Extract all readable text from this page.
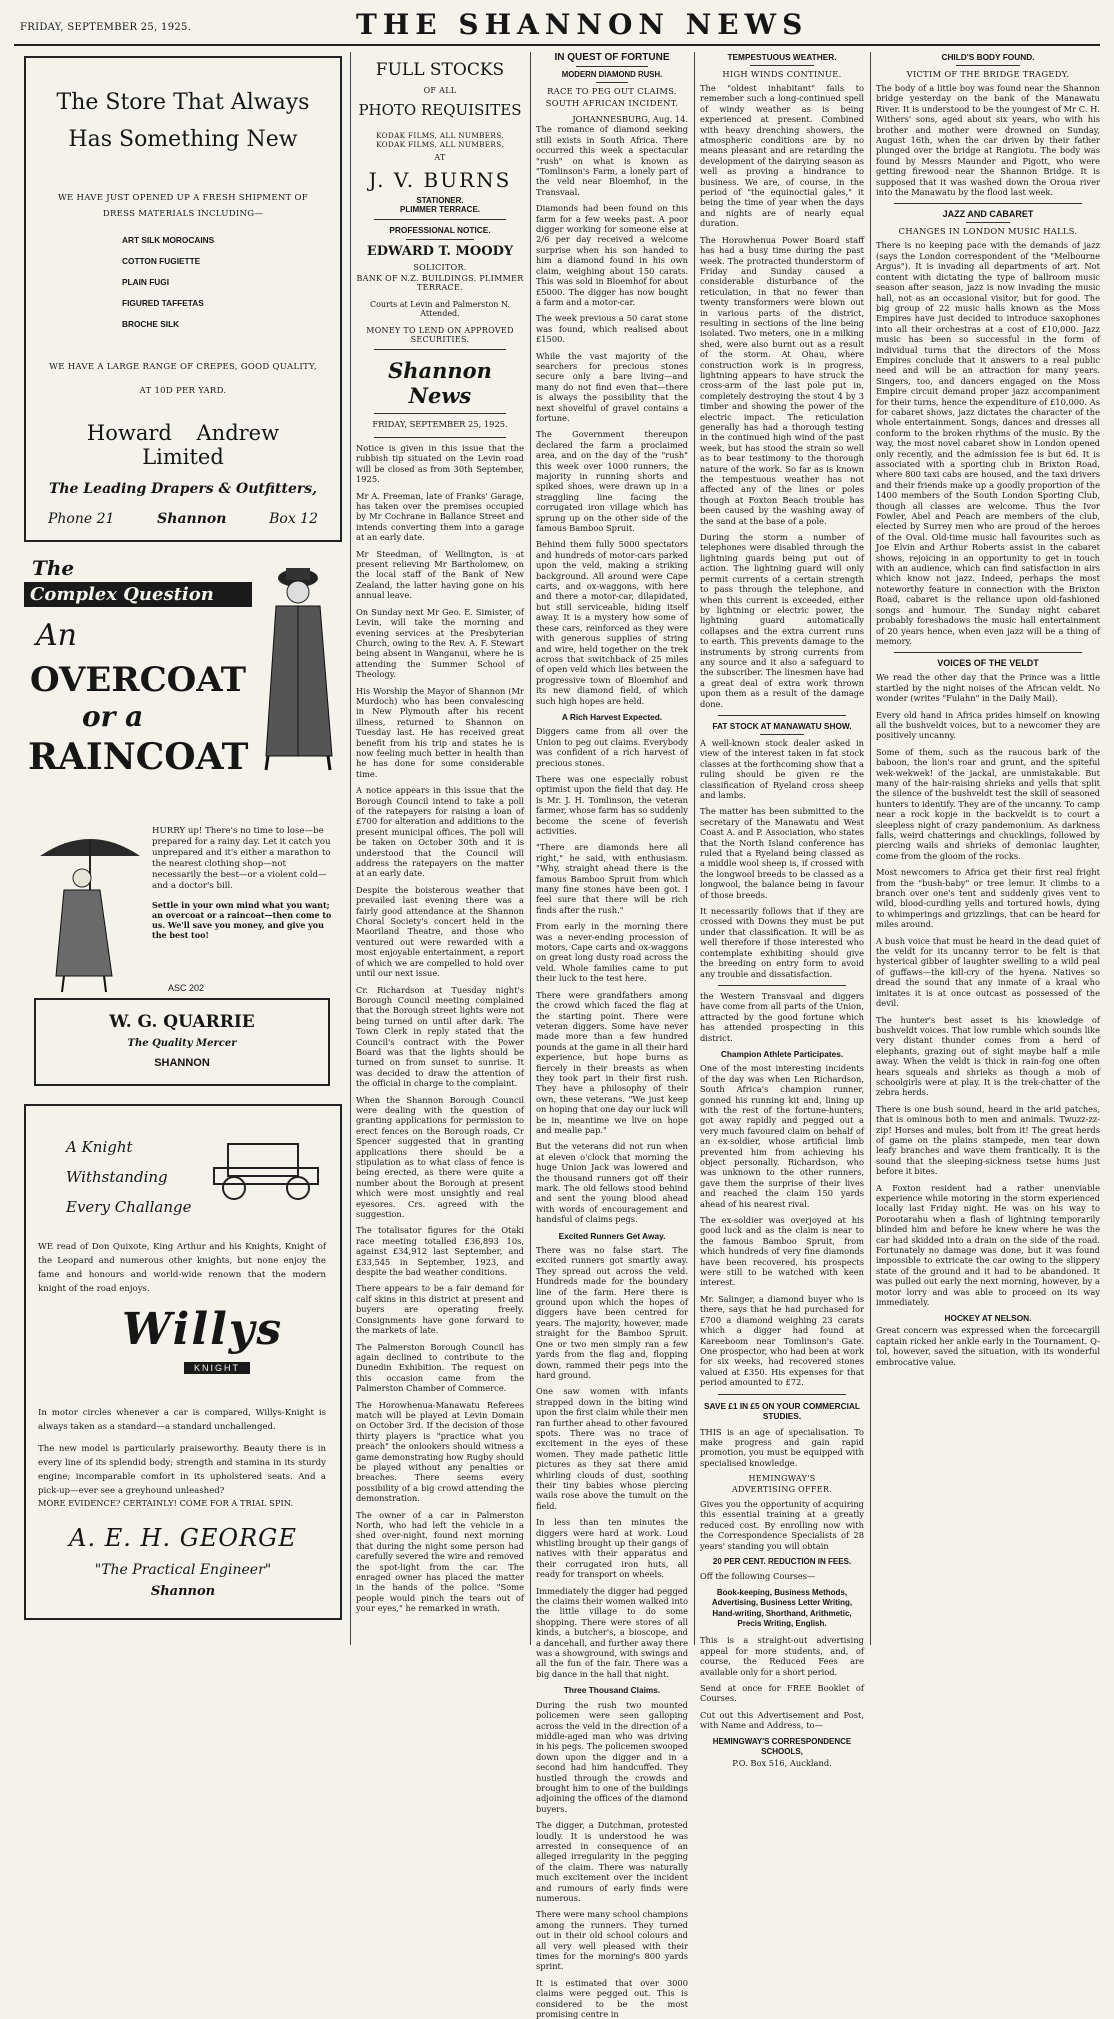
FRIDAY, SEPTEMBER 25, 1925.	THE SHANNON NEWS
The Store That Always
Has Something New
WE HAVE JUST OPENED UP A FRESH SHIPMENT OF DRESS MATERIALS INCLUDING—
ART SILK MOROCAINS
COTTON FUGIETTE
PLAIN FUGI
FIGURED TAFFETAS
BROCHE SILK
WE HAVE A LARGE RANGE OF CREPES, GOOD QUALITY, AT 10D PER YARD.
Howard Andrew Limited
The Leading Drapers & Outfitters,
Phone 21	Shannon	Box 12
The
Complex Question
An
OVERCOAT
or a
RAINCOAT
HURRY up! There's no time to lose—be prepared for a rainy day. Let it catch you unprepared and it's either a marathon to the nearest clothing shop—not necessarily the best—or a violent cold—and a doctor's bill.
Settle in your own mind what you want; an overcoat or a raincoat—then come to us. We'll save you money, and give you the best too!
ASC 202
W. G. QUARRIE
The Quality Mercer
SHANNON
A Knight
Withstanding
Every Challange
WE read of Don Quixote, King Arthur and his Knights, Knight of the Leopard and numerous other knights, but none enjoy the fame and honours and world-wide renown that the modern knight of the road enjoys.
Willys
KNIGHT
In motor circles whenever a car is compared, Willys-Knight is always taken as a standard—a standard unchallenged.
The new model is particularly praiseworthy. Beauty there is in every line of its splendid body; strength and stamina in its sturdy engine; incomparable comfort in its upholstered seats. And a pick-up—ever see a greyhound unleashed?
MORE EVIDENCE? CERTAINLY! COME FOR A TRIAL SPIN.
A. E. H. GEORGE
"The Practical Engineer"
Shannon
FULL STOCKS
OF ALL
PHOTO REQUISITES
KODAK FILMS, ALL NUMBERS,
KODAK FILMS, ALL NUMBERS,
AT
J. V. BURNS
STATIONER.
PLIMMER TERRACE.
PROFESSIONAL NOTICE.
EDWARD T. MOODY
SOLICITOR.
BANK OF N.Z. BUILDINGS. PLIMMER TERRACE.
Courts at Levin and Palmerston N. Attended.
MONEY TO LEND ON APPROVED SECURITIES.
Shannon News
FRIDAY, SEPTEMBER 25, 1925.

Notice is given in this issue that the rubbish tip situated on the Levin road will be closed as from 30th September, 1925.

Mr A. Freeman, late of Franks' Garage, has taken over the premises occupied by Mr Cochrane in Ballance Street and intends converting them into a garage at an early date.

Mr Steedman, of Wellington, is at present relieving Mr Bartholomew, on the local staff of the Bank of New Zealand, the latter having gone on his annual leave.

On Sunday next Mr Geo. E. Simister, of Levin, will take the morning and evening services at the Presbyterian Church, owing to the Rev. A. F. Stewart being absent in Wanganui, where he is attending the Summer School of Theology.

His Worship the Mayor of Shannon (Mr Murdoch) who has been convalescing in New Plymouth after his recent illness, returned to Shannon on Tuesday last. He has received great benefit from his trip and states he is now feeling much better in health than he has done for some considerable time.

A notice appears in this issue that the Borough Council intend to take a poll of the ratepayers for raising a loan of £700 for alteration and additions to the present municipal offices. The poll will be taken on October 30th and it is understood that the Council will address the ratepayers on the matter at an early date.

Despite the boisterous weather that prevailed last evening there was a fairly good attendance at the Shannon Choral Society's concert held in the Maoriland Theatre, and those who ventured out were rewarded with a most enjoyable entertainment, a report of which we are compelled to hold over until our next issue.

Cr. Richardson at Tuesday night's Borough Council meeting complained that the Borough street lights were not being turned on until after dark. The Town Clerk in reply stated that the Council's contract with the Power Board was that the lights should be turned on from sunset to sunrise. It was decided to draw the attention of the official in charge to the complaint.

When the Shannon Borough Council were dealing with the question of granting applications for permission to erect fences on the Borough roads, Cr Spencer suggested that in granting applications there should be a stipulation as to what class of fence is being erected, as there were quite a number about the Borough at present which were most unsightly and real eyesores. Crs. agreed with the suggestion.

The totalisator figures for the Otaki race meeting totalled £36,893 10s, against £34,912 last September, and £33,545 in September, 1923, and despite the bad weather conditions.

There appears to be a fair demand for calf skins in this district at present and buyers are operating freely. Consignments have gone forward to the markets of late.

The Palmerston Borough Council has again declined to contribute to the Dunedin Exhibition. The request on this occasion came from the Palmerston Chamber of Commerce.

The Horowhenua-Manawatu Referees match will be played at Levin Domain on October 3rd. If the decision of those thirty players is "practice what you preach" the onlookers should witness a game demonstrating how Rugby should be played without any penalties or breaches. There seems every possibility of a big crowd attending the demonstration.

The owner of a car in Palmerston North, who had left the vehicle in a shed over-night, found next morning that during the night some person had carefully severed the wire and removed the spot-light from the car. The enraged owner has placed the matter in the hands of the police. "Some people would pinch the tears out of your eyes," he remarked in wrath.

IN QUEST OF FORTUNE
MODERN DIAMOND RUSH.
RACE TO PEG OUT CLAIMS.
SOUTH AFRICAN INCIDENT.
JOHANNESBURG, Aug. 14.

The romance of diamond seeking still exists in South Africa. There occurred this week a spectacular "rush" on what is known as "Tomlinson's Farm, a lonely part of the veld near Bloemhof, in the Transvaal.

Diamonds had been found on this farm for a few weeks past. A poor digger working for someone else at 2/6 per day received a welcome surprise when his son handed to him a diamond found in his own claim, weighing about 150 carats. This was sold in Bloemhof for about £5000. The digger has now bought a farm and a motor-car.

The week previous a 50 carat stone was found, which realised about £1500.

While the vast majority of the searchers for precious stones secure only a bare living—and many do not find even that—there is always the possibility that the next shovelful of gravel contains a fortune.

The Government thereupon declared the farm a proclaimed area, and on the day of the "rush" this week over 1000 runners, the majority in running shorts and spiked shoes, were drawn up in a straggling line facing the corrugated iron village which has sprung up on the other side of the famous Bamboo Spruit.

Behind them fully 5000 spectators and hundreds of motor-cars parked upon the veld, making a striking background. All around were Cape carts, and ox-waggons, with here and there a motor-car, dilapidated, but still serviceable, hiding itself away. It is a mystery how some of these cars, reinforced as they were with generous supplies of string and wire, held together on the trek across that switchback of 25 miles of open veld which lies between the progressive town of Bloemhof and its new diamond field, of which such high hopes are held.

A Rich Harvest Expected.

Diggers came from all over the Union to peg out claims. Everybody was confident of a rich harvest of precious stones.

There was one especially robust optimist upon the field that day. He is Mr. J. H. Tomlinson, the veteran farmer, whose farm has so suddenly become the scene of feverish activities.

"There are diamonds here all right," he said, with enthusiasm. "Why, straight ahead there is the famous Bamboo Spruit from which many fine stones have been got. I feel sure that there will be rich finds after the rush."

From early in the morning there was a never-ending procession of motors, Cape carts and ox-waggons on great long dusty road across the veld. Whole families came to put their luck to the test here.

There were grandfathers among the crowd which faced the flag at the starting point. There were veteran diggers. Some have never made more than a few hundred pounds at the game in all their hard experience, but hope burns as fiercely in their breasts as when they took part in their first rush. They have a philosophy of their own, these veterans. "We just keep on hoping that one day our luck will be in, meantime we live on hope and mealie pap."

But the veterans did not run when at eleven o'clock that morning the huge Union Jack was lowered and the thousand runners got off their mark. The old fellows stood behind and sent the young blood ahead with words of encouragement and handsful of claims pegs.

Excited Runners Get Away.

There was no false start. The excited runners got smartly away. They spread out across the veld. Hundreds made for the boundary line of the farm. Here there is ground upon which the hopes of diggers have been centred for years. The majority, however, made straight for the Bamboo Spruit. One or two men simply ran a few yards from the flag and, flopping down, rammed their pegs into the hard ground.

One saw women with infants strapped down in the biting wind upon the first claim while their men ran further ahead to other favoured spots. There was no trace of excitement in the eyes of these women. They made pathetic little pictures as they sat there amid whirling clouds of dust, soothing their tiny babies whose piercing wails rose above the tumult on the field.

In less than ten minutes the diggers were hard at work. Loud whistling brought up their gangs of natives with their apparatus and their corrugated iron huts, all ready for transport on wheels.

Immediately the digger had pegged the claims their women walked into the little village to do some shopping. There were stores of all kinds, a butcher's, a bioscope, and a dancehall, and further away there was a showground, with swings and all the fun of the fair. There was a big dance in the hall that night.

Three Thousand Claims.

During the rush two mounted policemen were seen galloping across the veld in the direction of a middle-aged man who was driving in his pegs. The policemen swooped down upon the digger and in a second had him handcuffed. They hustled through the crowds and brought him to one of the buildings adjoining the offices of the diamond buyers.

The digger, a Dutchman, protested loudly. It is understood he was arrested in consequence of an alleged irregularity in the pegging of the claim. There was naturally much excitement over the incident and rumours of early finds were numerous.

There were many school champions among the runners. They turned out in their old school colours and all very well pleased with their times for the morning's 800 yards sprint.

It is estimated that over 3000 claims were pegged out. This is considered to be the most promising centre in

TEMPESTUOUS WEATHER.
HIGH WINDS CONTINUE.

The "oldest inhabitant" fails to remember such a long-continued spell of windy weather as is being experienced at present. Combined with heavy drenching showers, the atmospheric conditions are by no means pleasant and are retarding the development of the dairying season as well as proving a hindrance to business. We are, of course, in the period of "the equinoctial gales," it being the time of year when the days and nights are of nearly equal duration.

The Horowhenua Power Board staff has had a busy time during the past week. The protracted thunderstorm of Friday and Sunday caused a considerable disturbance of the reticulation, in that no fewer than twenty transformers were blown out in various parts of the district, resulting in sections of the line being isolated. Two meters, one in a milking shed, were also burnt out as a result of the storm. At Ohau, where construction work is in progress, lightning appears to have struck the cross-arm of the last pole put in, completely destroying the stout 4 by 3 timber and showing the power of the electric impact. The reticulation generally has had a thorough testing in the continued high wind of the past week, but has stood the strain so well as to bear testimony to the thorough nature of the work. So far as is known the tempestuous weather has not affected any of the lines or poles though at Foxton Beach trouble has been caused by the washing away of the sand at the base of a pole.

During the storm a number of telephones were disabled through the lightning guards being put out of action. The lightning guard will only permit currents of a certain strength to pass through the telephone, and when this current is exceeded, either by lightning or electric power, the lightning guard automatically collapses and the extra current runs to earth. This prevents damage to the instruments by strong currents from any source and it also a safeguard to the subscriber. The linesmen have had a great deal of extra work thrown upon them as a result of the damage done.

FAT STOCK AT MANAWATU SHOW.

A well-known stock dealer asked in view of the interest taken in fat stock classes at the forthcoming show that a ruling should be given re the classification of Ryeland cross sheep and lambs.

The matter has been submitted to the secretary of the Manawatu and West Coast A. and P. Association, who states that the North Island conference has ruled that a Ryeland being classed as a middle wool sheep is, if crossed with the longwool breeds to be classed as a longwool, the balance being in favour of those breeds.

It necessarily follows that if they are crossed with Downs they must be put under that classification. It will be as well therefore if those interested who contemplate exhibiting should give the breeding on entry form to avoid any trouble and dissatisfaction.

the Western Transvaal and diggers have come from all parts of the Union, attracted by the good fortune which has attended prospecting in this district.

Champion Athlete Participates.

One of the most interesting incidents of the day was when Len Richardson, South Africa's champion runner, gonned his running kit and, lining up with the rest of the fortune-hunters, got away rapidly and pegged out a very much favoured claim on behalf of an ex-soldier, whose artificial limb prevented him from achieving his object personally. Richardson, who was unknown to the other runners, gave them the surprise of their lives and reached the claim 150 yards ahead of his nearest rival.

The ex-soldier was overjoyed at his good luck and as the claim is near to the famous Bamboo Spruit, from which hundreds of very fine diamonds have been recovered, his prospects were still to be watched with keen interest.

Mr. Salinger, a diamond buyer who is there, says that he had purchased for £700 a diamond weighing 23 carats which a digger had found at Kareeboom near Tomlinson's Gate. One prospector, who had been at work for six weeks, had recovered stones valued at £350. His expenses for that period amounted to £72.

SAVE £1 IN £5 ON YOUR COMMERCIAL STUDIES.

THIS is an age of specialisation. To make progress and gain rapid promotion, you must be equipped with specialised knowledge.

HEMINGWAY'S
ADVERTISING OFFER.

Gives you the opportunity of acquiring this essential training at a greatly reduced cost. By enrolling now with the Correspondence Specialists of 28 years' standing you will obtain

20 PER CENT. REDUCTION IN FEES.

Off the following Courses—

Book-keeping, Business Methods, Advertising, Business Letter Writing, Hand-writing, Shorthand, Arithmetic, Precis Writing, English.

This is a straight-out advertising appeal for more students, and, of course, the Reduced Fees are available only for a short period.

Send at once for FREE Booklet of Courses.

Cut out this Advertisement and Post, with Name and Address, to—

HEMINGWAY'S CORRESPONDENCE SCHOOLS,
P.O. Box 516, Auckland.
CHILD'S BODY FOUND.
VICTIM OF THE BRIDGE TRAGEDY.

The body of a little boy was found near the Shannon bridge yesterday on the bank of the Manawatu River. It is understood to be the youngest of Mr C. H. Withers' sons, aged about six years, who with his brother and mother were drowned on Sunday, August 16th, when the car driven by their father plunged over the bridge at Rangiotu. The body was found by Messrs Maunder and Pigott, who were getting firewood near the Shannon Bridge. It is supposed that it was washed down the Oroua river into the Manawatu by the flood last week.

JAZZ AND CABARET
CHANGES IN LONDON MUSIC HALLS.

There is no keeping pace with the demands of jazz (says the London correspondent of the "Melbourne Argus"). It is invading all departments of art. Not content with dictating the type of ballroom music season after season, jazz is now invading the music hall, not as an occasional visitor, but for good. The big group of 22 music halls known as the Moss Empires have just decided to introduce saxophones into all their orchestras at a cost of £10,000. Jazz music has been so successful in the form of individual turns that the directors of the Moss Empires conclude that it answers to a real public need and will be an attraction for many years. Singers, too, and dancers engaged on the Moss Empire circuit demand proper jazz accompaniment for their turns, hence the expenditure of £10,000. As for cabaret shows, jazz dictates the character of the whole entertainment. Songs, dances and dresses all conform to the broken rhythms of the music. By the way, the most novel cabaret show in London opened only recently, and the admission fee is but 6d. It is associated with a sporting club in Brixton Road, where 800 taxi cabs are housed, and the taxi drivers and their friends make up a goodly proportion of the 1400 members of the South London Sporting Club, though all classes are welcome. Thus the Ivor Fowler, Abel and Peach are members of the club, elected by Surrey men who are proud of the heroes of the Oval. Old-time music hall favourites such as Joe Elvin and Arthur Roberts assist in the cabaret shows, rejoicing in an opportunity to get in touch with an audience, which can find satisfaction in airs which know not jazz. Indeed, perhaps the most noteworthy feature in connection with the Brixton Road, cabaret is the reliance upon old-fashioned songs and humour. The Sunday night cabaret probably foreshadows the music hall entertainment of 20 years hence, when even jazz will be a thing of memory.

VOICES OF THE VELDT

We read the other day that the Prince was a little startled by the night noises of the African veldt. No wonder (writes "Fulahn" in the Daily Mail).

Every old hand in Africa prides himself on knowing all the bushveldt voices, but to a newcomer they are positively uncanny.

Some of them, such as the raucous bark of the baboon, the lion's roar and grunt, and the spiteful wek-wekwek! of the jackal, are unmistakable. But many of the hair-raising shrieks and yells that split the silence of the bushveldt test the skill of seasoned hunters to identify. They are of the uncanny. To camp near a rock kopje in the backveldt is to court a sleepless night of crazy pandemonium. As darkness falls, weird chatterings and chucklings, followed by piercing wails and shrieks of demoniac laughter, come from the gloom of the rocks.

Most newcomers to Africa get their first real fright from the "bush-baby" or tree lemur. It climbs to a branch over one's tent and suddenly gives vent to wild, blood-curdling yells and tortured howls, dying to whimperings and grizzlings, that can be heard for miles around.

A bush voice that must be heard in the dead quiet of the veldt for its uncanny terror to be felt is that hysterical gibber of laughter swelling to a wild peal of guffaws—the kill-cry of the hyena. Natives so dread the sound that any inmate of a kraal who imitates it is at once outcast as possessed of the devil.

The hunter's best asset is his knowledge of bushveldt voices. That low rumble which sounds like very distant thunder comes from a herd of elephants, grazing out of sight maybe half a mile away. When the veldt is thick in rain-fog one often hears squeals and shrieks as though a mob of schoolgirls were at play. It is the trek-chatter of the zebra herds.

There is one bush sound, heard in the arid patches, that is ominous both to men and animals. Twuzz-zz-zip! Horses and mules, bolt from it! The great herds of game on the plains stampede, men tear down leafy branches and wave them frantically. It is the sound that the sleeping-sickness tsetse hums just before it bites.

A Foxton resident had a rather unenviable experience while motoring in the storm experienced locally last Friday night. He was on his way to Porootarahu when a flash of lightning temporarily blinded him and before he knew where he was the car had skidded into a drain on the side of the road. Fortunately no damage was done, but it was found impossible to extricate the car owing to the slippery state of the ground and it had to be abandoned. It was pulled out early the next morning, however, by a motor lorry and was able to proceed on its way immediately.

HOCKEY AT NELSON.

Great concern was expressed when the forcecargill captain ricked her ankle early in the Tournament. Q-tol, however, saved the situation, with its wonderful embrocative value.
